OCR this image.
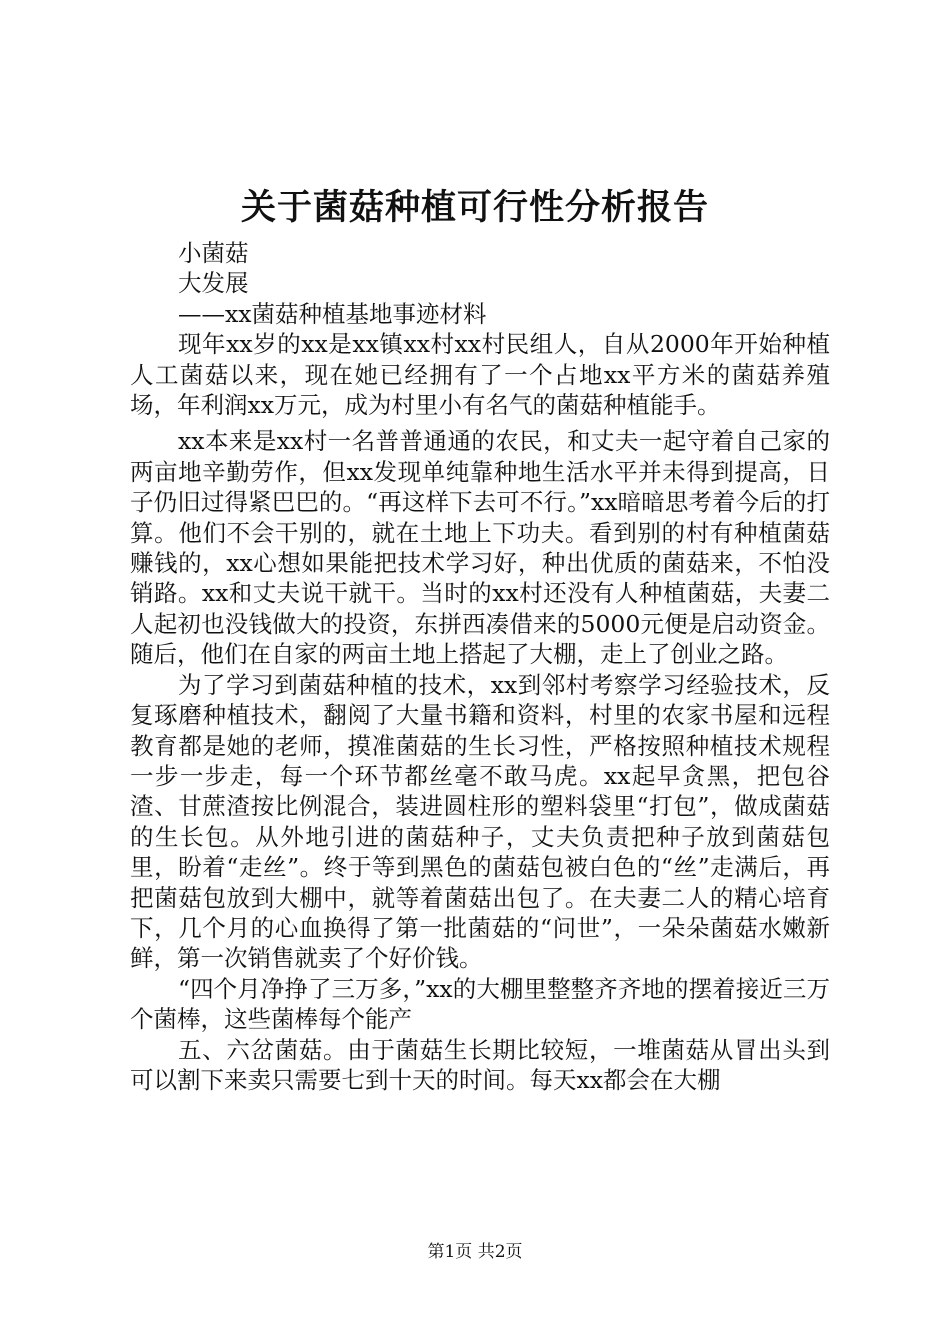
关于菌菇种植可行性分析报告
小菌菇
大发展
——xx菌菇种植基地事迹材料

现年xx岁的xx是xx镇xx村xx村民组人，自从2000年开始种植人工菌菇以来，现在她已经拥有了一个占地xx平方米的菌菇养殖场，年利润xx万元，成为村里小有名气的菌菇种植能手。

xx本来是xx村一名普普通通的农民，和丈夫一起守着自己家的两亩地辛勤劳作，但xx发现单纯靠种地生活水平并未得到提高，日子仍旧过得紧巴巴的。“再这样下去可不行。”xx暗暗思考着今后的打算。他们不会干别的，就在土地上下功夫。看到别的村有种植菌菇赚钱的，xx心想如果能把技术学习好，种出优质的菌菇来，不怕没销路。xx和丈夫说干就干。当时的xx村还没有人种植菌菇，夫妻二人起初也没钱做大的投资，东拼西凑借来的5000元便是启动资金。随后，他们在自家的两亩土地上搭起了大棚，走上了创业之路。

为了学习到菌菇种植的技术，xx到邻村考察学习经验技术，反复琢磨种植技术，翻阅了大量书籍和资料，村里的农家书屋和远程教育都是她的老师，摸准菌菇的生长习性，严格按照种植技术规程一步一步走，每一个环节都丝毫不敢马虎。xx起早贪黑，把包谷渣、甘蔗渣按比例混合，装进圆柱形的塑料袋里“打包”，做成菌菇的生长包。从外地引进的菌菇种子，丈夫负责把种子放到菌菇包里，盼着“走丝”。终于等到黑色的菌菇包被白色的“丝”走满后，再把菌菇包放到大棚中，就等着菌菇出包了。在夫妻二人的精心培育下，几个月的心血换得了第一批菌菇的“问世”，一朵朵菌菇水嫩新鲜，第一次销售就卖了个好价钱。

“四个月净挣了三万多，”xx的大棚里整整齐齐地的摆着接近三万个菌棒，这些菌棒每个能产

五、六岔菌菇。由于菌菇生长期比较短，一堆菌菇从冒出头到可以割下来卖只需要七到十天的时间。每天xx都会在大棚

第1页 共2页
